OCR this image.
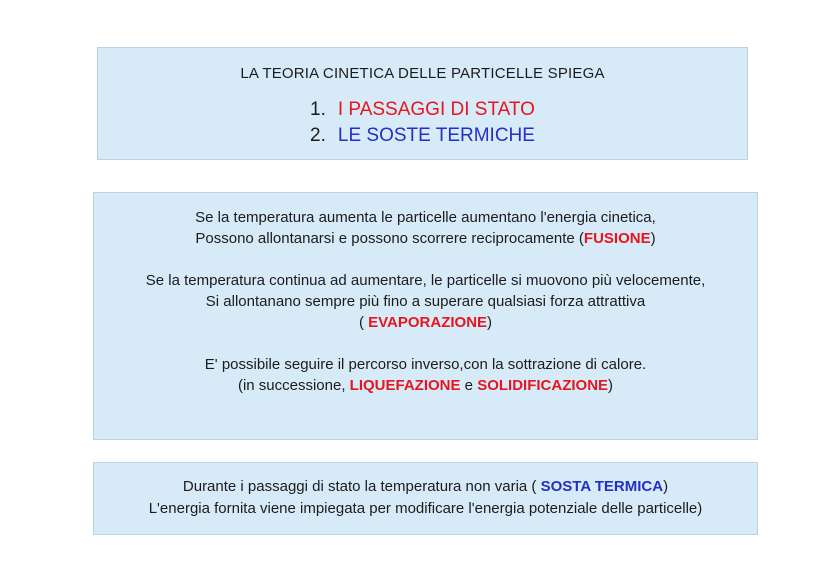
LA TEORIA CINETICA DELLE PARTICELLE SPIEGA
1. I PASSAGGI DI STATO
2. LE SOSTE TERMICHE
Se la temperatura aumenta le particelle aumentano l'energia cinetica,
Possono allontanarsi e possono scorrere reciprocamente (FUSIONE)
Se la temperatura continua ad aumentare, le particelle si muovono più velocemente,
Si allontanano sempre più fino a superare qualsiasi forza attrattiva
( EVAPORAZIONE)
E' possibile seguire il percorso inverso,con la sottrazione di calore.
(in successione, LIQUEFAZIONE e SOLIDIFICAZIONE)
Durante i passaggi di stato la temperatura non varia ( SOSTA TERMICA)
L'energia fornita viene impiegata per modificare l'energia potenziale delle particelle)
